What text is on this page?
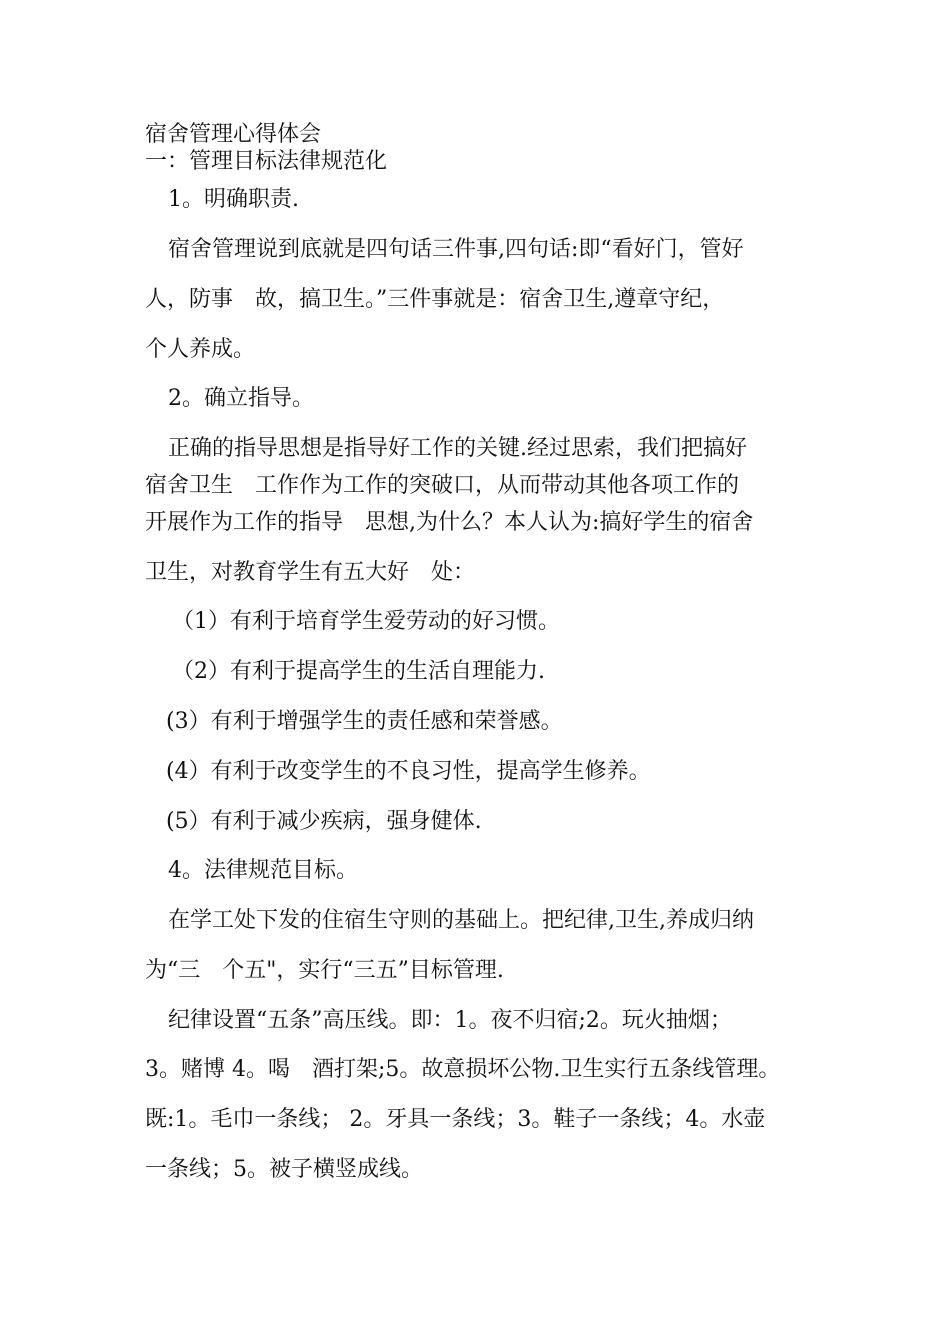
宿舍管理心得体会
一：管理目标法律规范化
1。明确职责.
宿舍管理说到底就是四句话三件事,四句话:即“看好门，管好
人，防事 故，搞卫生。”三件事就是：宿舍卫生,遵章守纪，
个人养成。
2。确立指导。
正确的指导思想是指导好工作的关键.经过思索，我们把搞好
宿舍卫生 工作作为工作的突破口，从而带动其他各项工作的
开展作为工作的指导 思想,为什么？本人认为:搞好学生的宿舍
卫生，对教育学生有五大好 处：
（1）有利于培育学生爱劳动的好习惯。
（2）有利于提高学生的生活自理能力.
(3）有利于增强学生的责任感和荣誉感。
(4）有利于改变学生的不良习性，提高学生修养。
(5）有利于减少疾病，强身健体.
4。法律规范目标。
在学工处下发的住宿生守则的基础上。把纪律,卫生,养成归纳
为“三 个五"，实行“三五”目标管理.
纪律设置“五条”高压线。即：1。夜不归宿;2。玩火抽烟；
3。赌博 4。喝 酒打架;5。故意损坏公物.卫生实行五条线管理。
既:1。毛巾一条线； 2。牙具一条线；3。鞋子一条线；4。水壶
一条线；5。被子横竖成线。
